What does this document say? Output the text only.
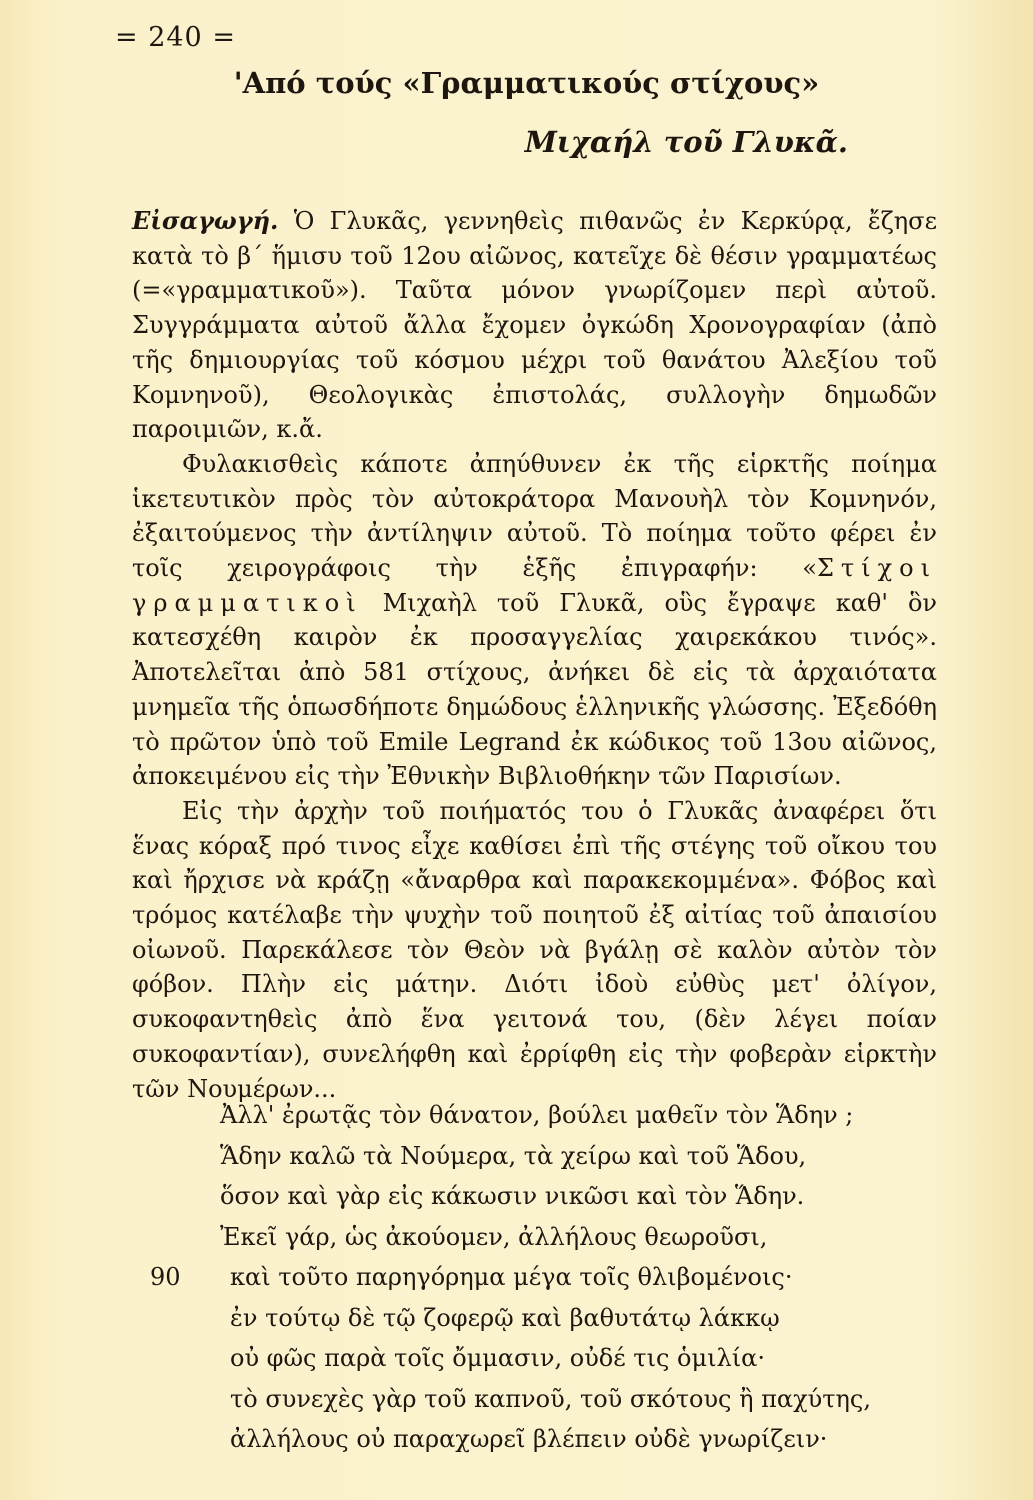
= 240 =
'Από τούς «Γραμματικούς στίχους»
Μιχαήλ τοῦ Γλυκᾶ.

Εἰσαγωγή. Ὁ Γλυκᾶς, γεννηθεὶς πιθανῶς ἐν Κερκύρᾳ, ἔζησε κατὰ τὸ β΄ ἥμισυ τοῦ 12ου αἰῶνος, κατεῖχε δὲ θέσιν γραμματέως (=«γραμματικοῦ»). Ταῦτα μόνον γνωρίζομεν περὶ αὐτοῦ. Συγγράμματα αὐτοῦ ἄλλα ἔχομεν ὀγκώδη Χρονογραφίαν (ἀπὸ τῆς δημιουργίας τοῦ κόσμου μέχρι τοῦ θανάτου Ἀλεξίου τοῦ Κομνηνοῦ), Θεολογικὰς ἐπιστολάς, συλλογὴν δημωδῶν παροιμιῶν, κ.ἄ.

Φυλακισθεὶς κάποτε ἀπηύθυνεν ἐκ τῆς εἱρκτῆς ποίημα ἱκετευτικὸν πρὸς τὸν αὐτοκράτορα Μανουὴλ τὸν Κομνηνόν, ἐξαιτούμενος τὴν ἀντίληψιν αὐτοῦ. Τὸ ποίημα τοῦτο φέρει ἐν τοῖς χειρογράφοις τὴν ἑξῆς ἐπιγραφήν: «Στίχοι γραμματικοὶ Μιχαὴλ τοῦ Γλυκᾶ, οὓς ἔγραψε καθ' ὃν κατεσχέθη καιρὸν ἐκ προσαγγελίας χαιρεκάκου τινός». Ἀποτελεῖται ἀπὸ 581 στίχους, ἀνήκει δὲ εἰς τὰ ἀρχαιότατα μνημεῖα τῆς ὁπωσδήποτε δημώδους ἑλληνικῆς γλώσσης. Ἐξεδόθη τὸ πρῶτον ὑπὸ τοῦ Emile Legrand ἐκ κώδικος τοῦ 13ου αἰῶνος, ἀποκειμένου εἰς τὴν Ἐθνικὴν Βιβλιοθήκην τῶν Παρισίων.

Εἰς τὴν ἀρχὴν τοῦ ποιήματός του ὁ Γλυκᾶς ἀναφέρει ὅτι ἕνας κόραξ πρό τινος εἶχε καθίσει ἐπὶ τῆς στέγης τοῦ οἴκου του καὶ ἤρχισε νὰ κράζῃ «ἄναρθρα καὶ παρακεκομμένα». Φόβος καὶ τρόμος κατέλαβε τὴν ψυχὴν τοῦ ποιητοῦ ἐξ αἰτίας τοῦ ἀπαισίου οἰωνοῦ. Παρεκάλεσε τὸν Θεὸν νὰ βγάλῃ σὲ καλὸν αὐτὸν τὸν φόβον. Πλὴν εἰς μάτην. Διότι ἰδοὺ εὐθὺς μετ' ὀλίγον, συκοφαντηθεὶς ἀπὸ ἕνα γειτονά του, (δὲν λέγει ποίαν συκοφαντίαν), συνελήφθη καὶ ἐρρίφθη εἰς τὴν φοβερὰν εἱρκτὴν τῶν Νουμέρων...

Ἀλλ' ἐρωτᾷς τὸν θάνατον, βούλει μαθεῖν τὸν Ἅδην ;
Ἅδην καλῶ τὰ Νούμερα, τὰ χείρω καὶ τοῦ Ἅδου,
ὅσον καὶ γὰρ εἰς κάκωσιν νικῶσι καὶ τὸν Ἅδην.
Ἐκεῖ γάρ, ὡς ἀκούομεν, ἀλλήλους θεωροῦσι,
90	καὶ τοῦτο παρηγόρημα μέγα τοῖς θλιβομένοις·
ἐν τούτῳ δὲ τῷ ζοφερῷ καὶ βαθυτάτῳ λάκκῳ
οὐ φῶς παρὰ τοῖς ὄμμασιν, οὐδέ τις ὁμιλία·
τὸ συνεχὲς γὰρ τοῦ καπνοῦ, τοῦ σκότους ἢ παχύτης,
ἀλλήλους οὐ παραχωρεῖ βλέπειν οὐδὲ γνωρίζειν·
